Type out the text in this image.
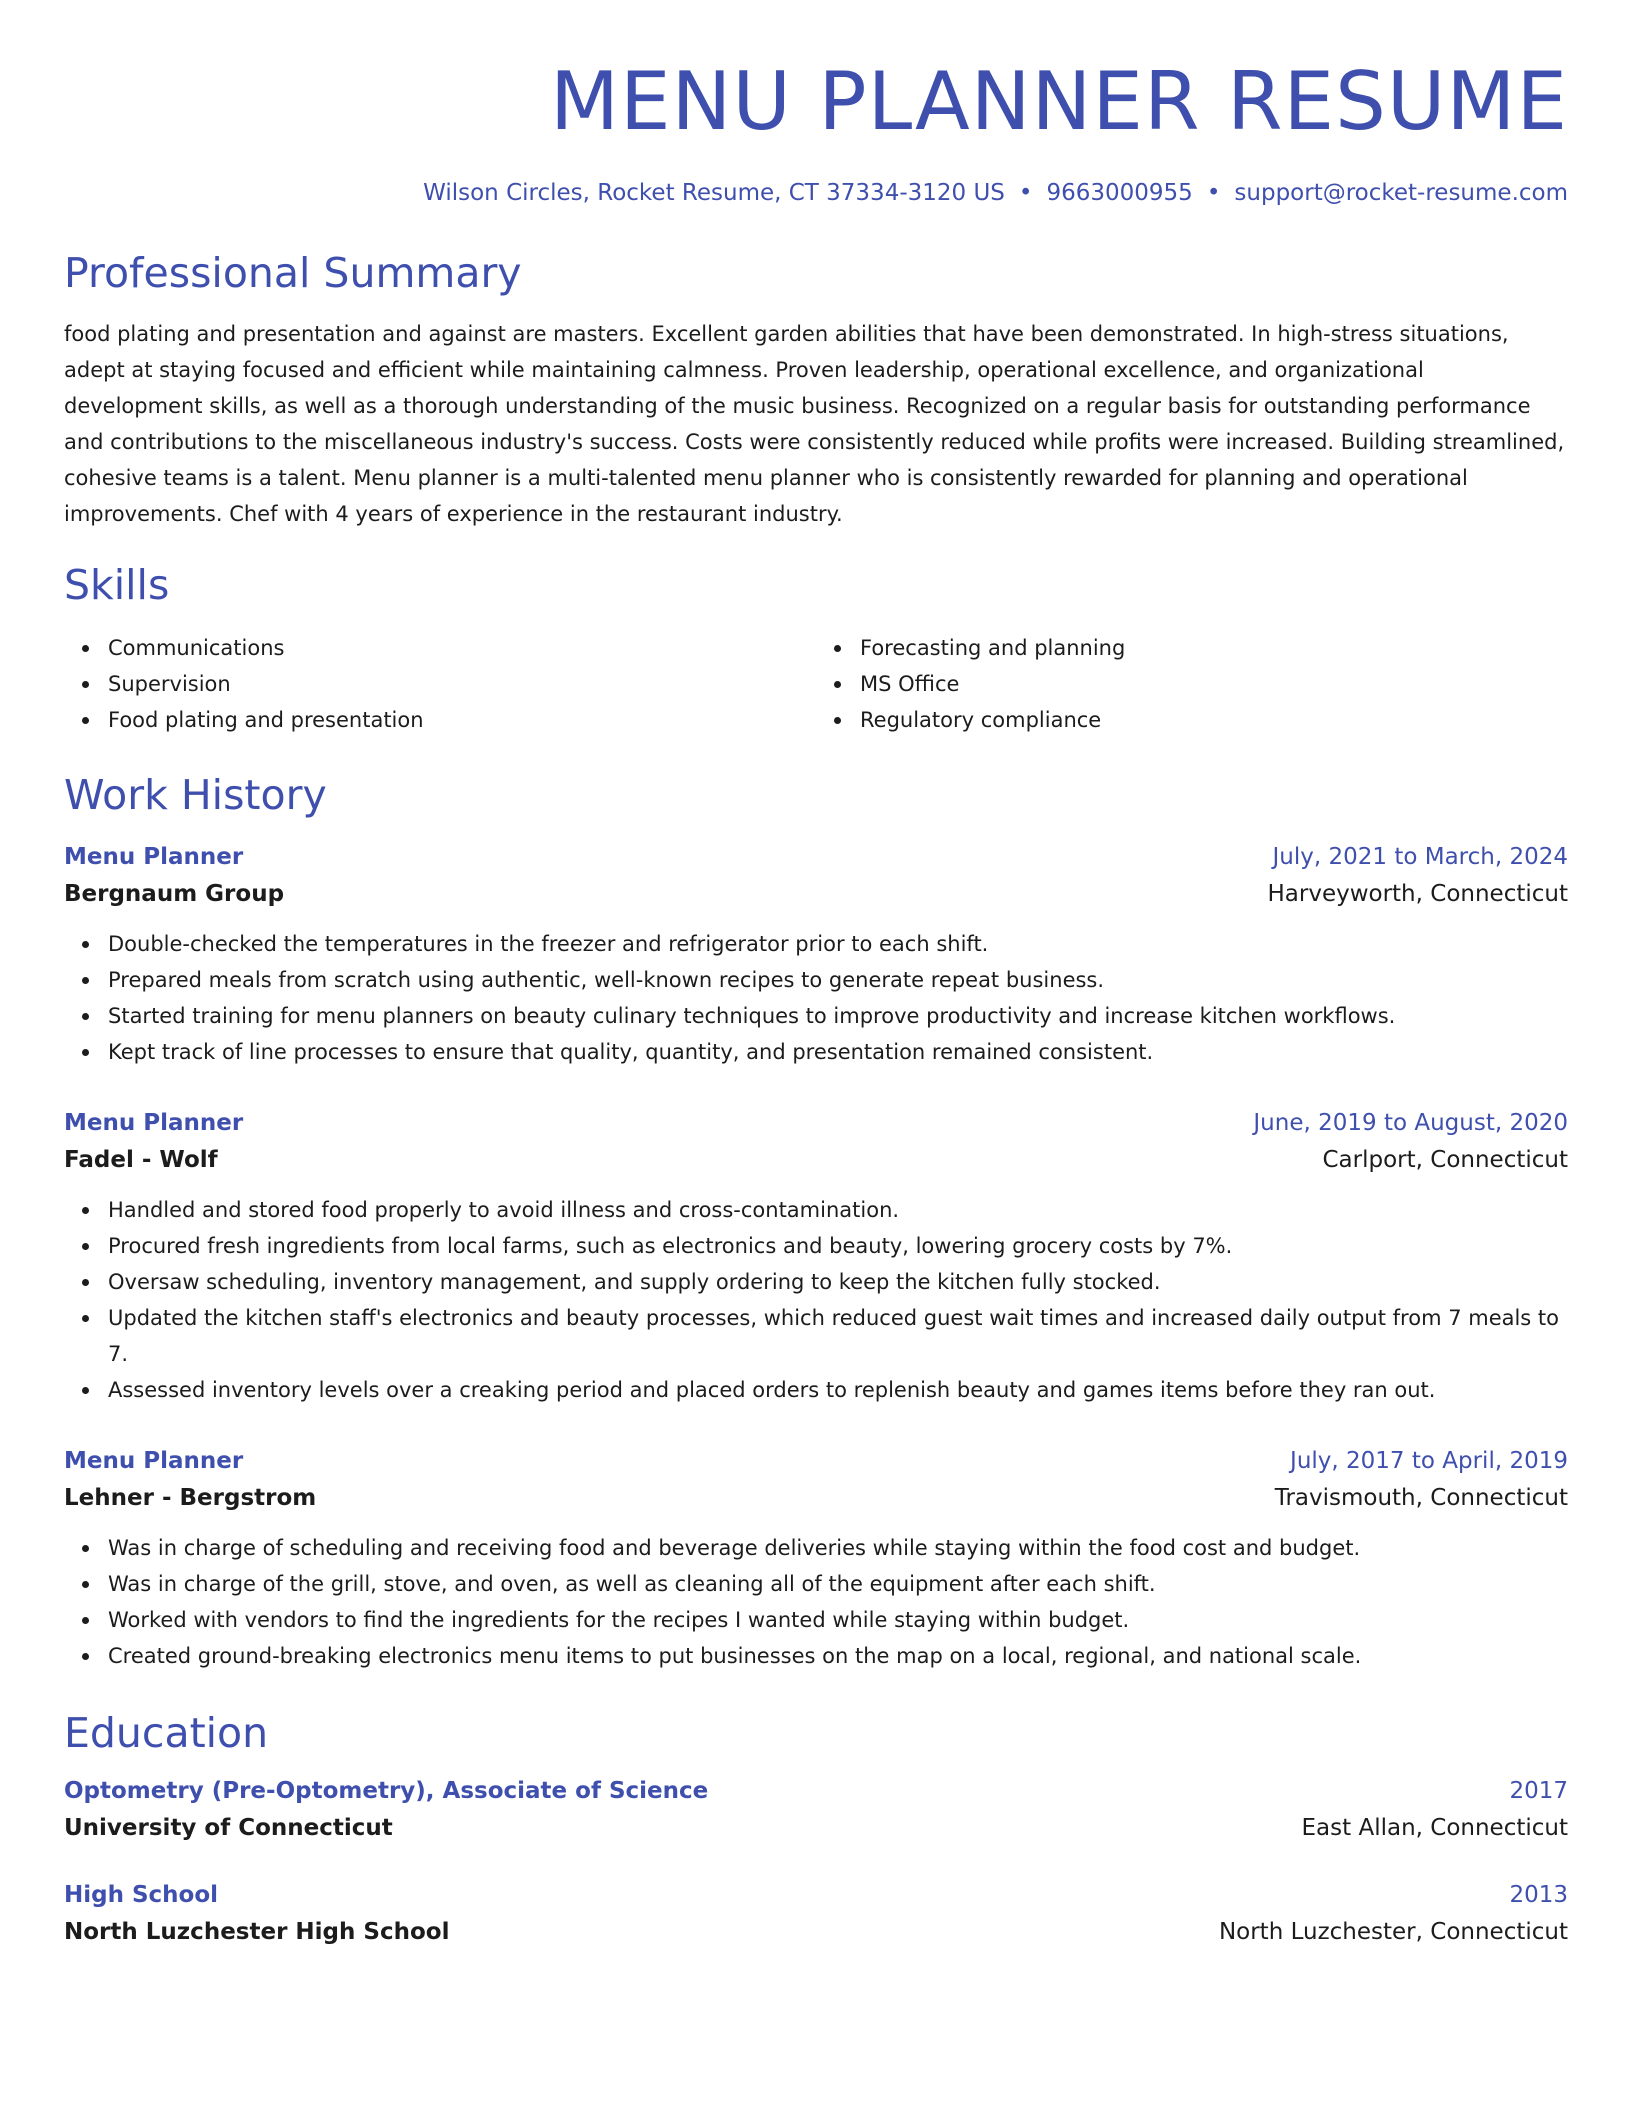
MENU PLANNER RESUME
Wilson Circles, Rocket Resume, CT 37334-3120 US • 9663000955 • support@rocket-resume.com
Professional Summary
food plating and presentation and against are masters. Excellent garden abilities that have been demonstrated. In high-stress situations, adept at staying focused and efficient while maintaining calmness. Proven leadership, operational excellence, and organizational development skills, as well as a thorough understanding of the music business. Recognized on a regular basis for outstanding performance and contributions to the miscellaneous industry's success. Costs were consistently reduced while profits were increased. Building streamlined, cohesive teams is a talent. Menu planner is a multi-talented menu planner who is consistently rewarded for planning and operational improvements. Chef with 4 years of experience in the restaurant industry.
Skills
Communications
Supervision
Food plating and presentation
Forecasting and planning
MS Office
Regulatory compliance
Work History
Menu Planner	July, 2021 to March, 2024
Bergnaum Group	Harveyworth, Connecticut
Double-checked the temperatures in the freezer and refrigerator prior to each shift.
Prepared meals from scratch using authentic, well-known recipes to generate repeat business.
Started training for menu planners on beauty culinary techniques to improve productivity and increase kitchen workflows.
Kept track of line processes to ensure that quality, quantity, and presentation remained consistent.
Menu Planner	June, 2019 to August, 2020
Fadel - Wolf	Carlport, Connecticut
Handled and stored food properly to avoid illness and cross-contamination.
Procured fresh ingredients from local farms, such as electronics and beauty, lowering grocery costs by 7%.
Oversaw scheduling, inventory management, and supply ordering to keep the kitchen fully stocked.
Updated the kitchen staff's electronics and beauty processes, which reduced guest wait times and increased daily output from 7 meals to 7.
Assessed inventory levels over a creaking period and placed orders to replenish beauty and games items before they ran out.
Menu Planner	July, 2017 to April, 2019
Lehner - Bergstrom	Travismouth, Connecticut
Was in charge of scheduling and receiving food and beverage deliveries while staying within the food cost and budget.
Was in charge of the grill, stove, and oven, as well as cleaning all of the equipment after each shift.
Worked with vendors to find the ingredients for the recipes I wanted while staying within budget.
Created ground-breaking electronics menu items to put businesses on the map on a local, regional, and national scale.
Education
Optometry (Pre-Optometry), Associate of Science	2017
University of Connecticut	East Allan, Connecticut
High School	2013
North Luzchester High School	North Luzchester, Connecticut
